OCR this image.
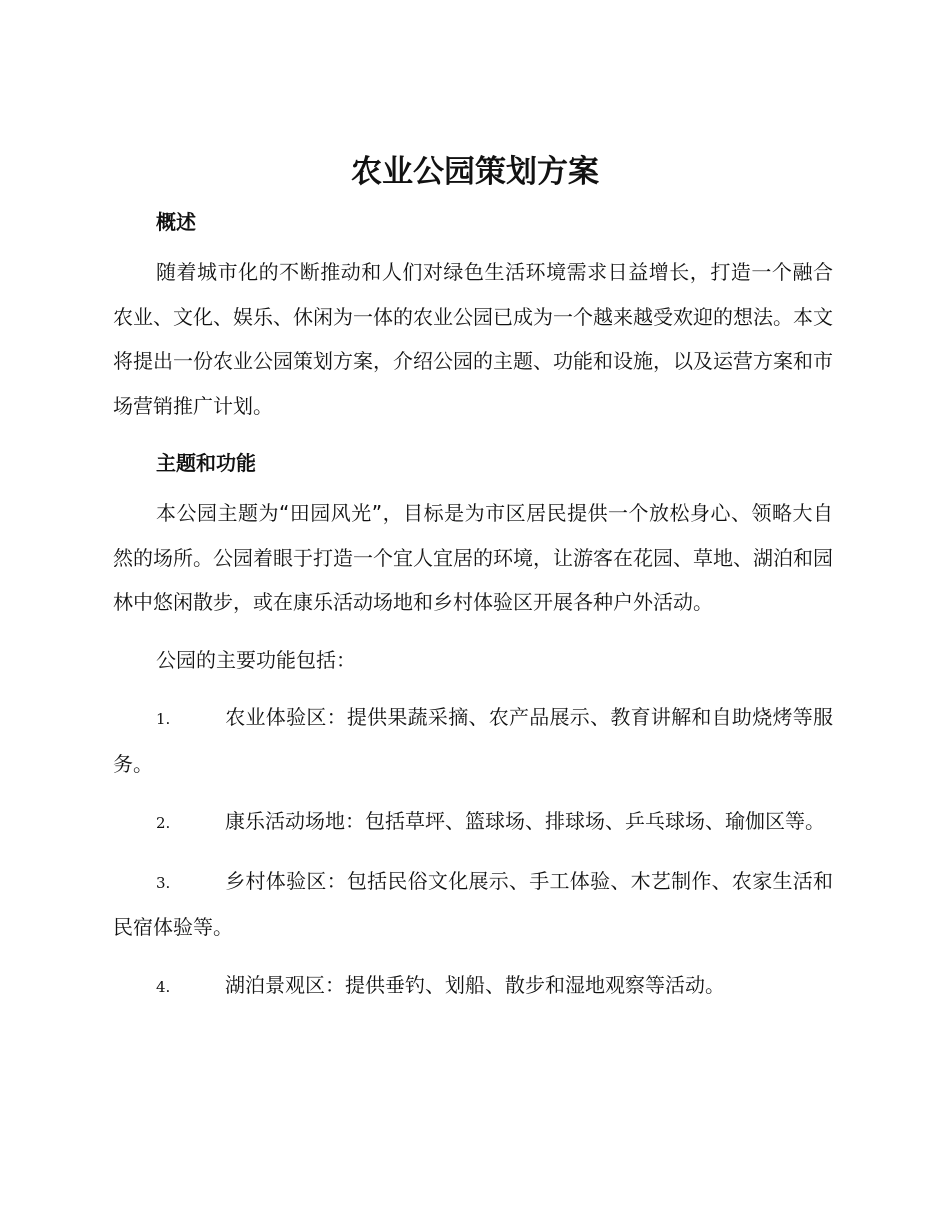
农业公园策划方案
概述

随着城市化的不断推动和人们对绿色生活环境需求日益增长，打造一个融合农业、文化、娱乐、休闲为一体的农业公园已成为一个越来越受欢迎的想法。本文将提出一份农业公园策划方案，介绍公园的主题、功能和设施，以及运营方案和市场营销推广计划。

主题和功能

本公园主题为“田园风光”，目标是为市区居民提供一个放松身心、领略大自然的场所。公园着眼于打造一个宜人宜居的环境，让游客在花园、草地、湖泊和园林中悠闲散步，或在康乐活动场地和乡村体验区开展各种户外活动。

公园的主要功能包括：

1.	农业体验区：提供果蔬采摘、农产品展示、教育讲解和自助烧烤等服务。

2.	康乐活动场地：包括草坪、篮球场、排球场、乒乓球场、瑜伽区等。

3.	乡村体验区：包括民俗文化展示、手工体验、木艺制作、农家生活和民宿体验等。

4.	湖泊景观区：提供垂钓、划船、散步和湿地观察等活动。
